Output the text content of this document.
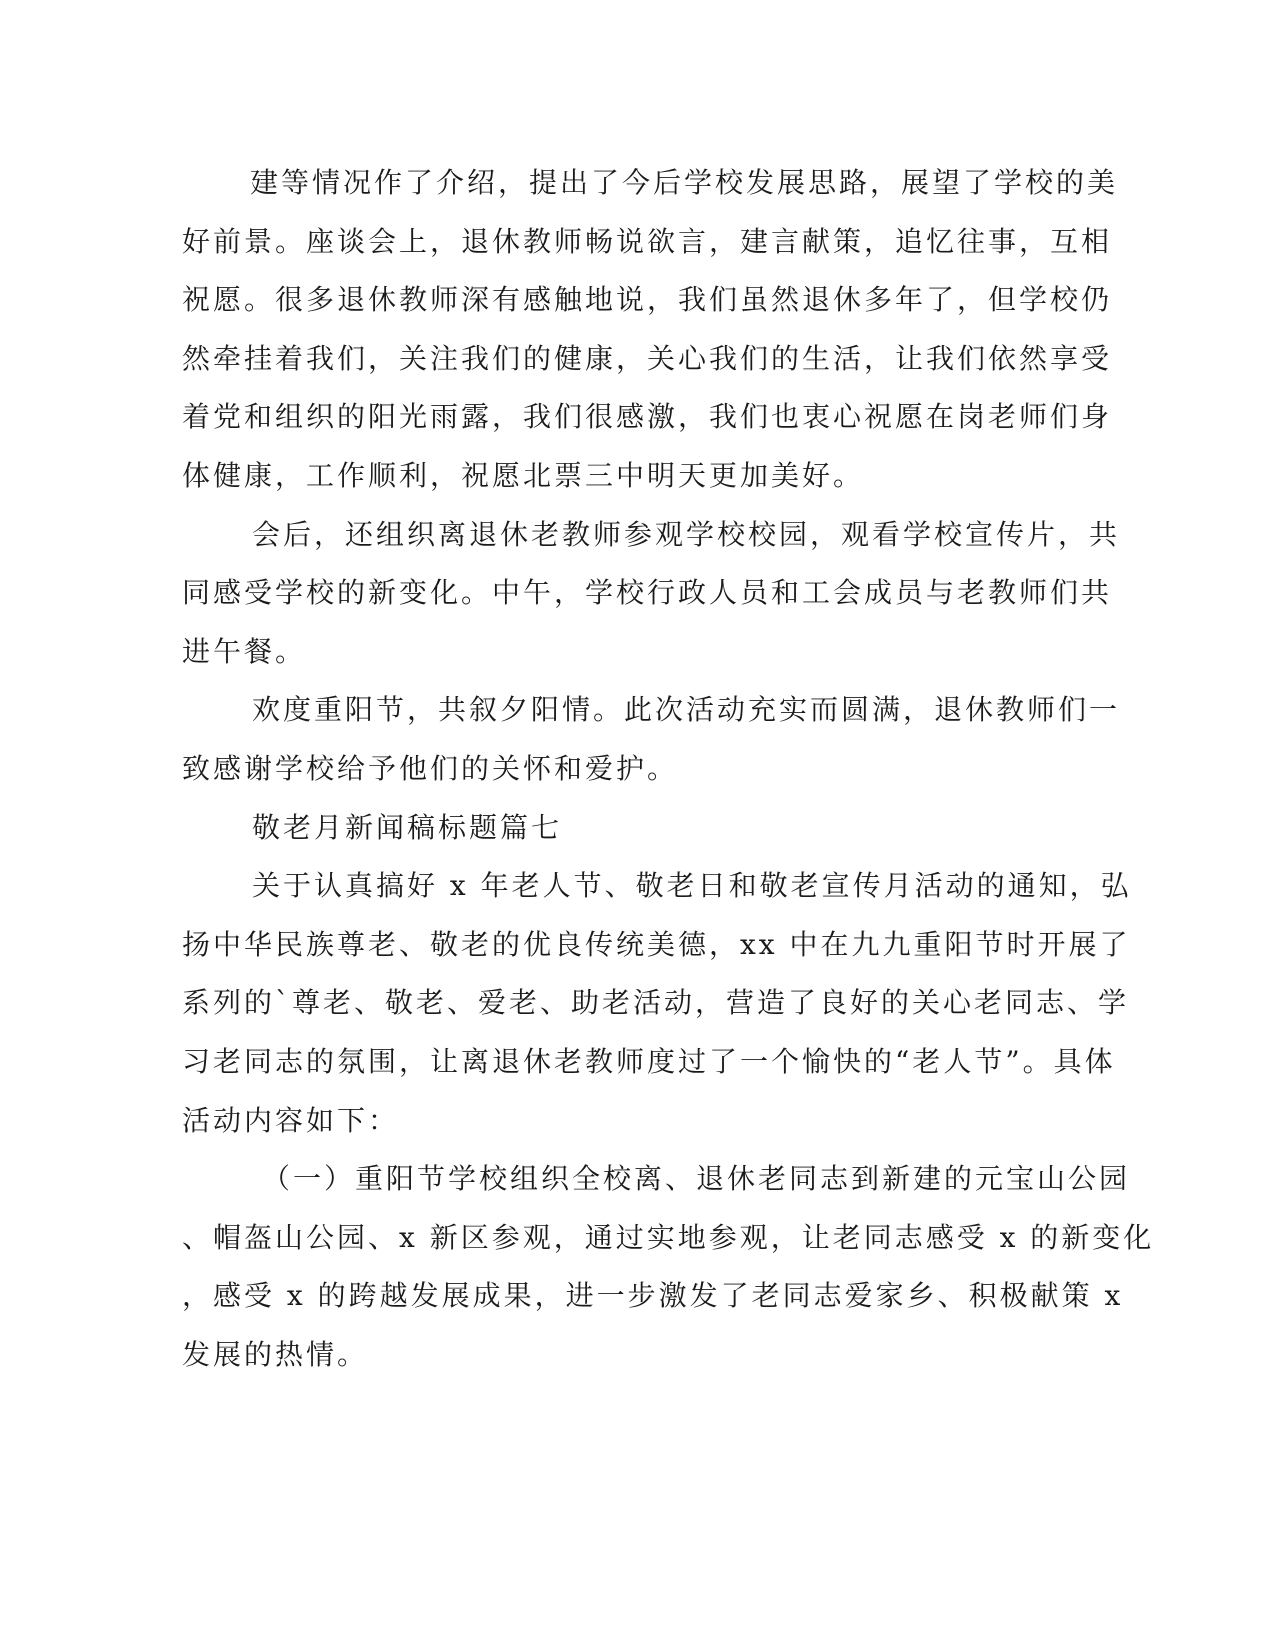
建等情况作了介绍，提出了今后学校发展思路，展望了学校的美
好前景。座谈会上，退休教师畅说欲言，建言献策，追忆往事，互相
祝愿。很多退休教师深有感触地说，我们虽然退休多年了，但学校仍
然牵挂着我们，关注我们的健康，关心我们的生活，让我们依然享受
着党和组织的阳光雨露，我们很感激，我们也衷心祝愿在岗老师们身
体健康，工作顺利，祝愿北票三中明天更加美好。

会后，还组织离退休老教师参观学校校园，观看学校宣传片，共
同感受学校的新变化。中午，学校行政人员和工会成员与老教师们共
进午餐。

欢度重阳节，共叙夕阳情。此次活动充实而圆满，退休教师们一
致感谢学校给予他们的关怀和爱护。

敬老月新闻稿标题篇七

关于认真搞好 x 年老人节、敬老日和敬老宣传月活动的通知，弘
扬中华民族尊老、敬老的优良传统美德，xx 中在九九重阳节时开展了
系列的`尊老、敬老、爱老、助老活动，营造了良好的关心老同志、学
习老同志的氛围，让离退休老教师度过了一个愉快的“老人节”。具体
活动内容如下：

（一）重阳节学校组织全校离、退休老同志到新建的元宝山公园
、帽盔山公园、x 新区参观，通过实地参观，让老同志感受 x 的新变化
，感受 x 的跨越发展成果，进一步激发了老同志爱家乡、积极献策 x
发展的热情。
